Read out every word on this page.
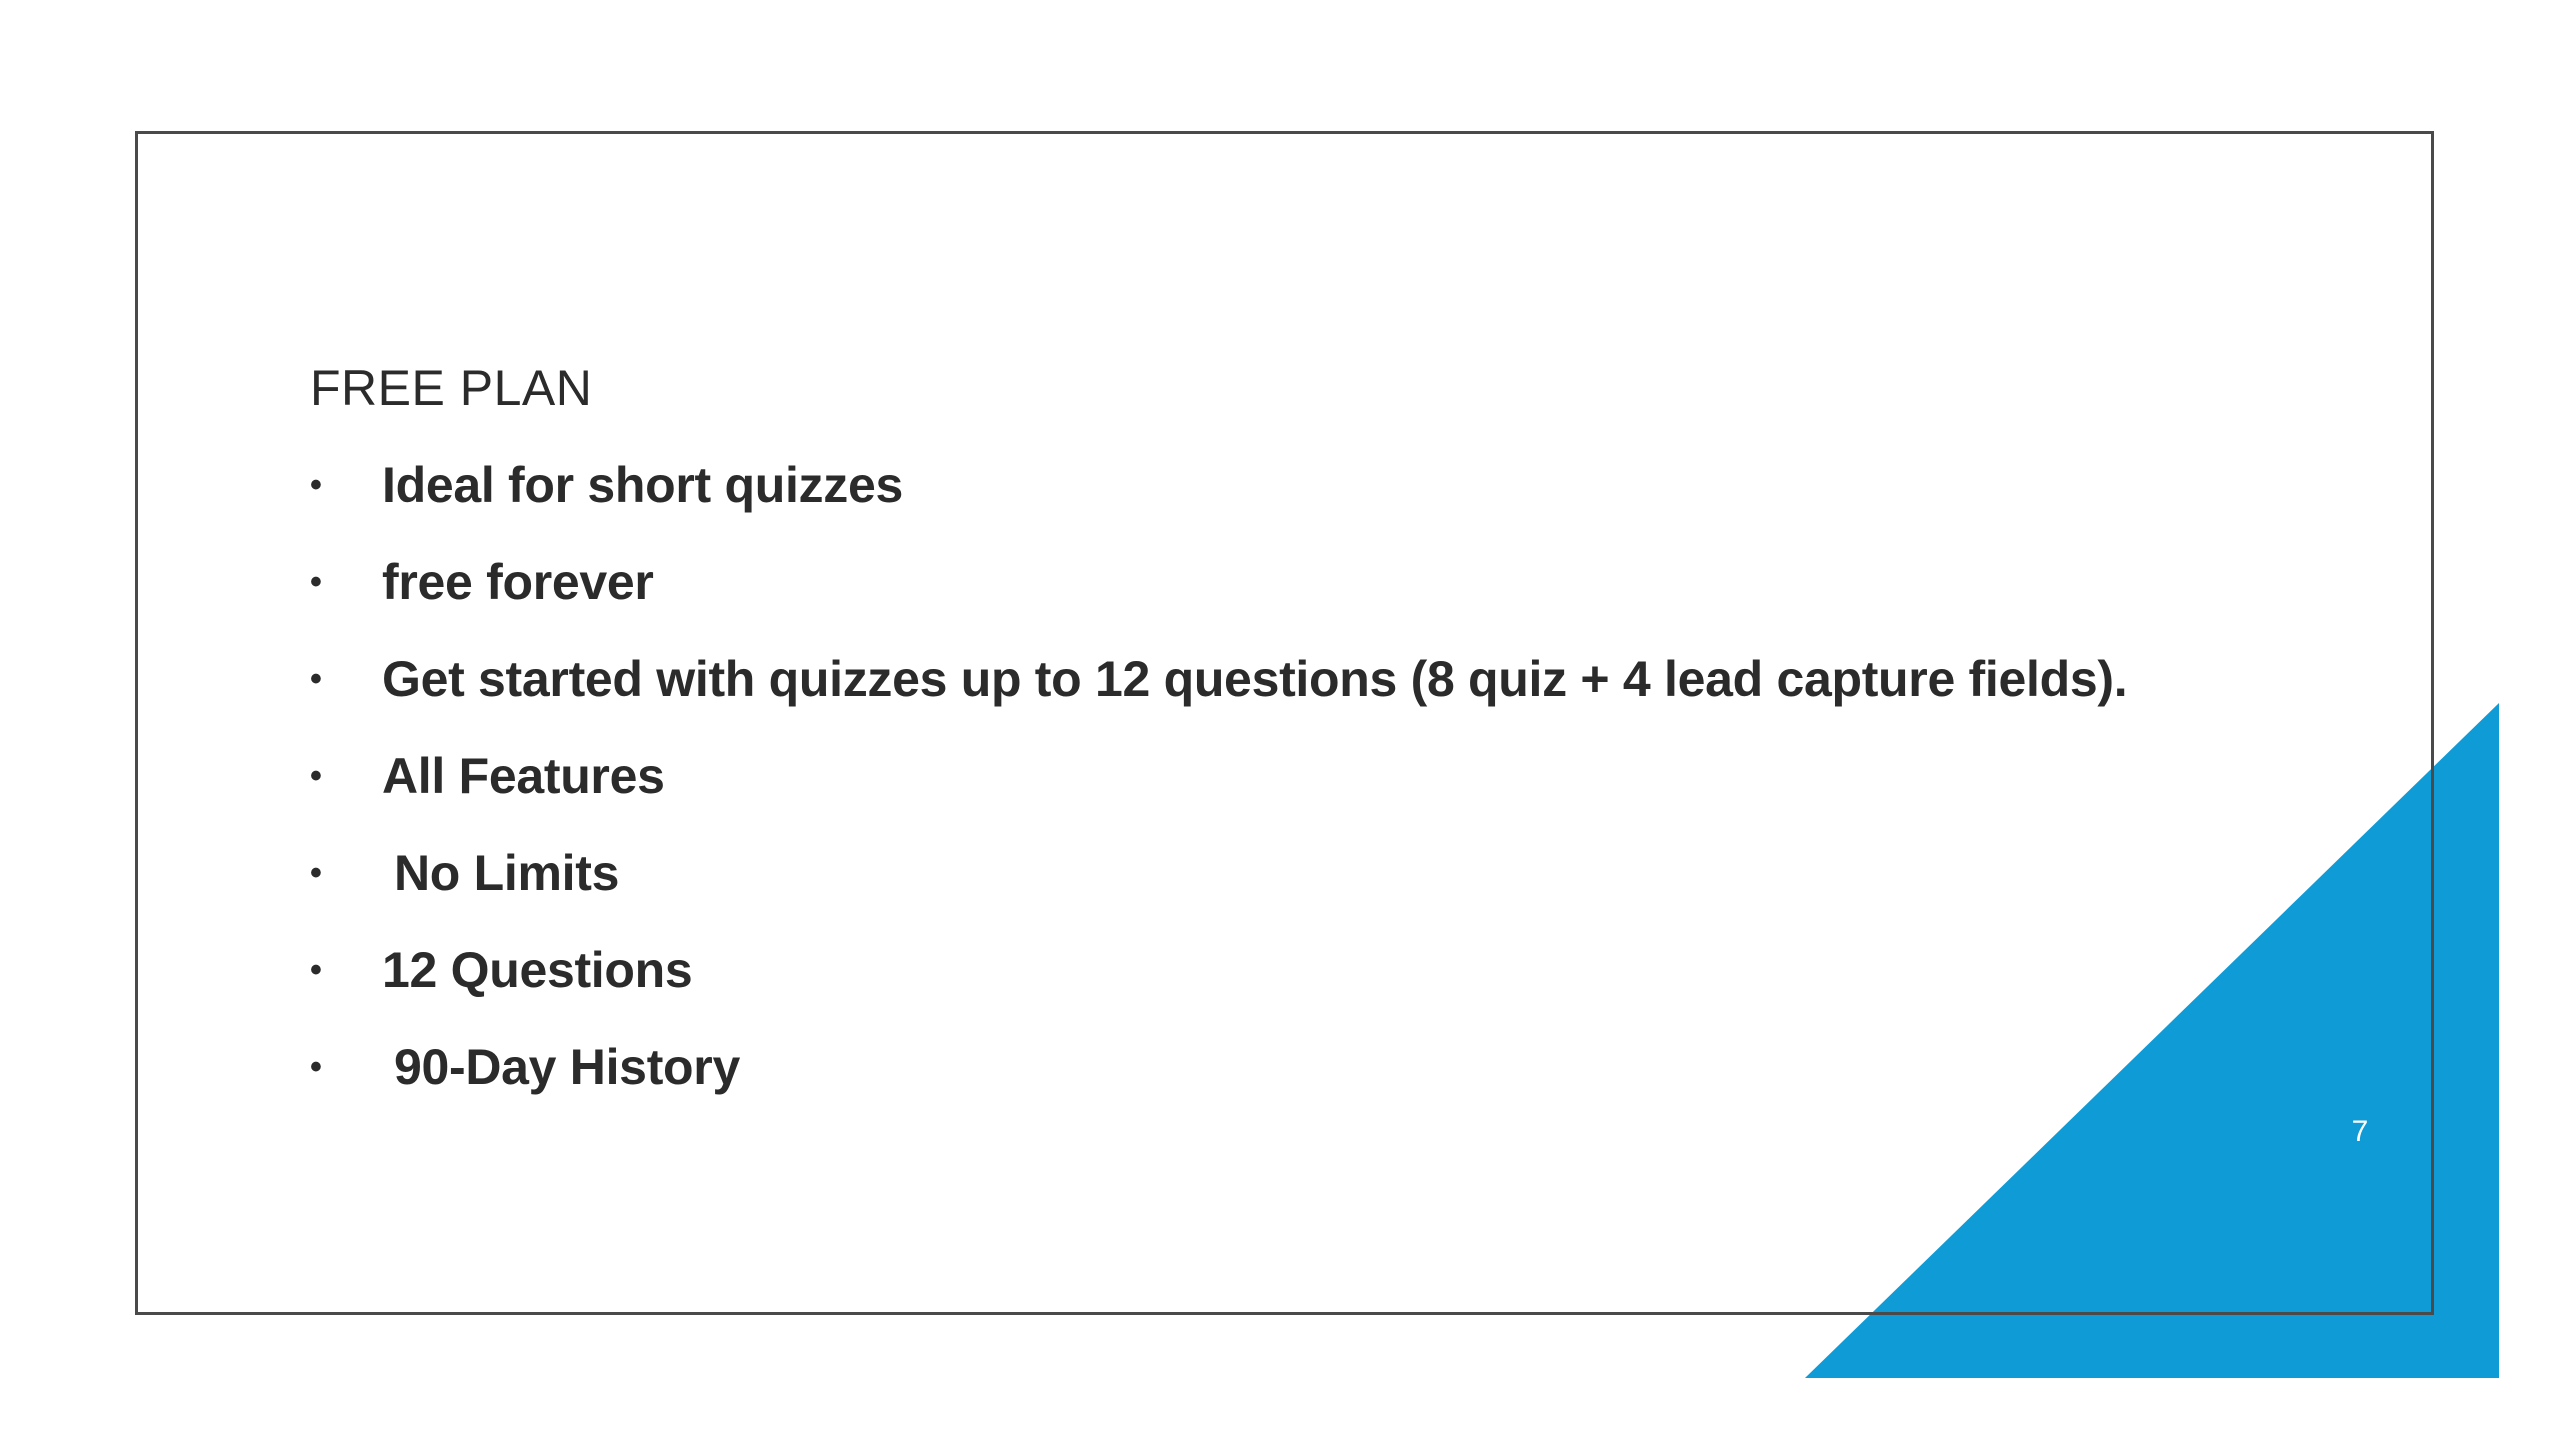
FREE PLAN
•	Ideal for short quizzes
•	free forever
•	Get started with quizzes up to 12 questions (8 quiz + 4 lead capture fields).
•	All Features
•	No Limits
•	12 Questions
•	90-Day History
7
